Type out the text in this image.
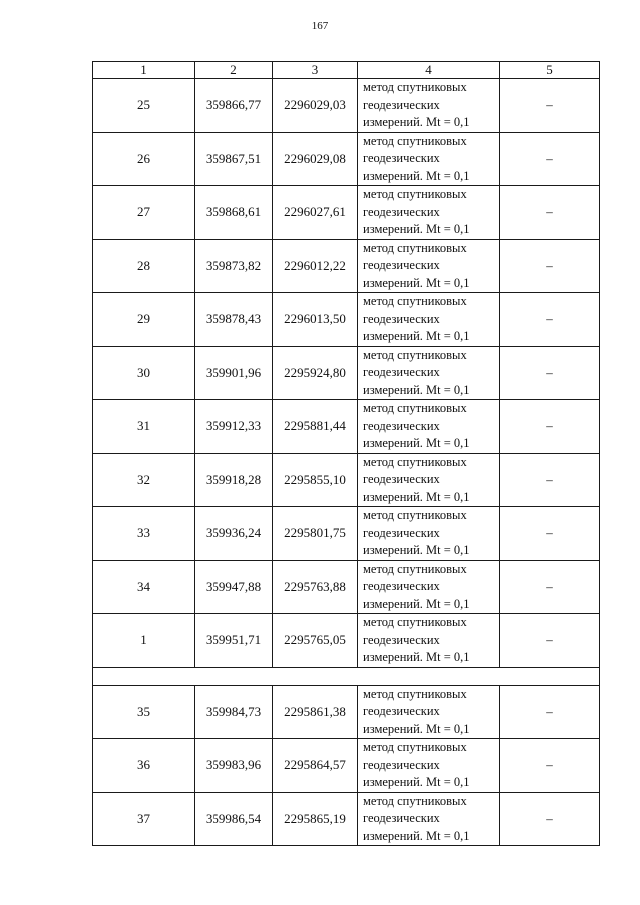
167
1	2	3	4	5
25	359866,77	2296029,03	метод спутниковых
геодезических
измерений. Mt = 0,1	–
26	359867,51	2296029,08	метод спутниковых
геодезических
измерений. Mt = 0,1	–
27	359868,61	2296027,61	метод спутниковых
геодезических
измерений. Mt = 0,1	–
28	359873,82	2296012,22	метод спутниковых
геодезических
измерений. Mt = 0,1	–
29	359878,43	2296013,50	метод спутниковых
геодезических
измерений. Mt = 0,1	–
30	359901,96	2295924,80	метод спутниковых
геодезических
измерений. Mt = 0,1	–
31	359912,33	2295881,44	метод спутниковых
геодезических
измерений. Mt = 0,1	–
32	359918,28	2295855,10	метод спутниковых
геодезических
измерений. Mt = 0,1	–
33	359936,24	2295801,75	метод спутниковых
геодезических
измерений. Mt = 0,1	–
34	359947,88	2295763,88	метод спутниковых
геодезических
измерений. Mt = 0,1	–
1	359951,71	2295765,05	метод спутниковых
геодезических
измерений. Mt = 0,1	–

35	359984,73	2295861,38	метод спутниковых
геодезических
измерений. Mt = 0,1	–
36	359983,96	2295864,57	метод спутниковых
геодезических
измерений. Mt = 0,1	–
37	359986,54	2295865,19	метод спутниковых
геодезических
измерений. Mt = 0,1	–
